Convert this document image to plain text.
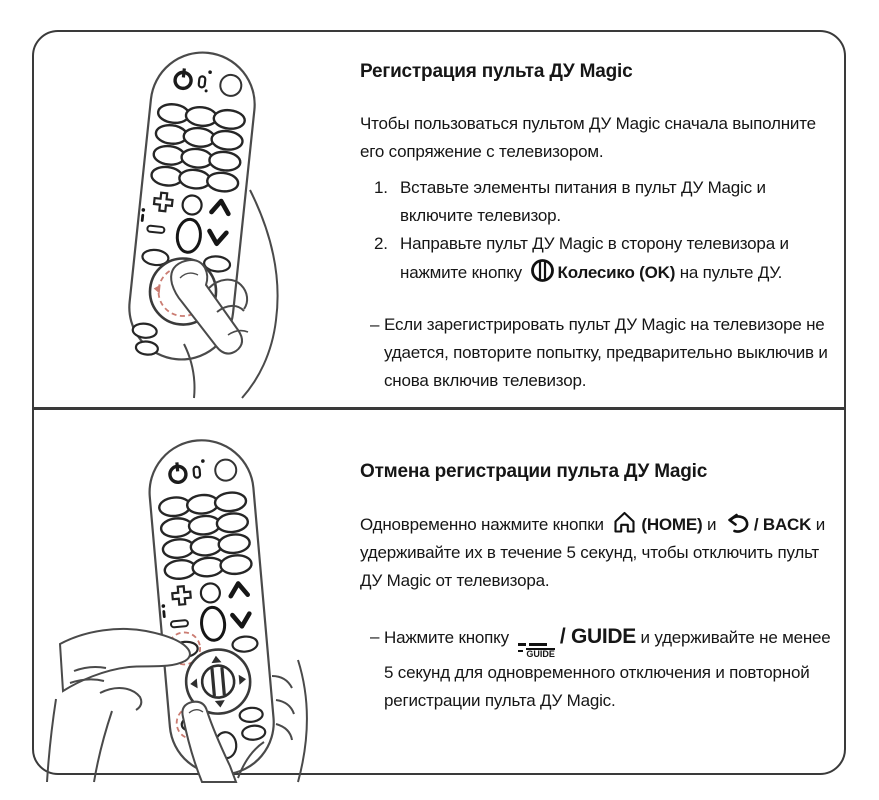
Регистрация пульта ДУ Magic

Чтобы пользоваться пультом ДУ Magic сначала выполните его сопряжение с телевизором.

1. Вставьте элементы питания в пульт ДУ Magic и включите телевизор.
2. Направьте пульт ДУ Magic в сторону телевизора и нажмите кнопку Колесико (OK) на пульте ДУ.
– Если зарегистрировать пульт ДУ Magic на телевизоре не удается, повторите попытку, предварительно выключив и снова включив телевизор.
Отмена регистрации пульта ДУ Magic

Одновременно нажмите кнопки (HOME) и / BACK и удерживайте их в течение 5 секунд, чтобы отключить пульт ДУ Magic от телевизора.

– Нажмите кнопку
GUIDE
/ GUIDE и удерживайте не менее 5 секунд для одновременного отключения и повторной регистрации пульта ДУ Magic.
